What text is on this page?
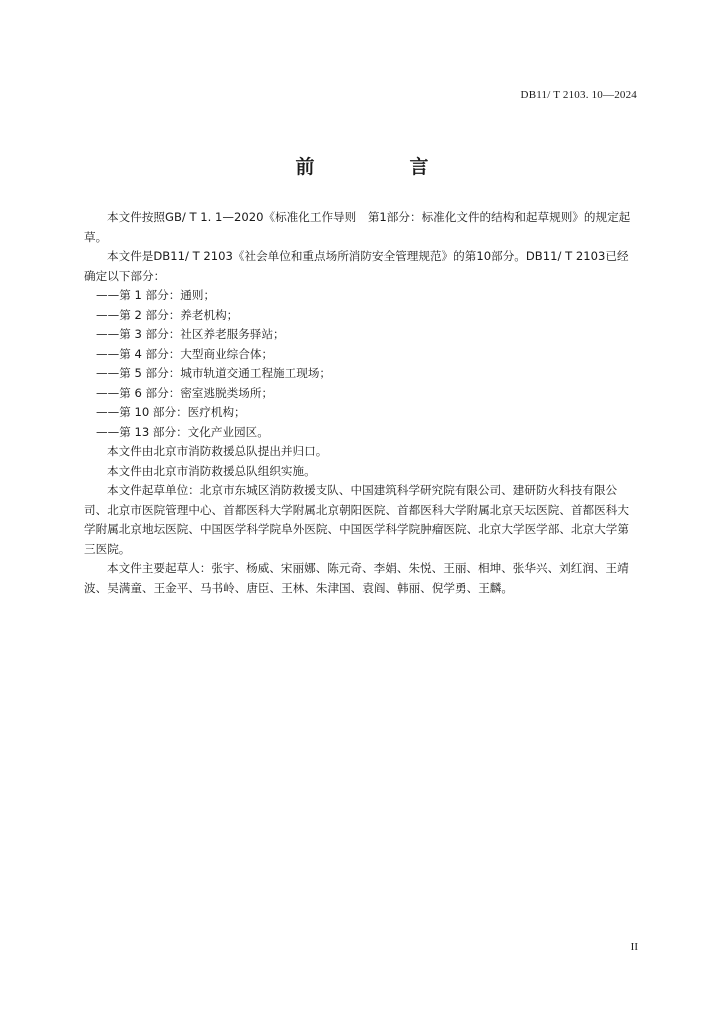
DB11/ T 2103. 10—2024
前　言

本文件按照GB/ T 1. 1—2020《标准化工作导则　第1部分：标准化文件的结构和起草规则》的规定起草。

本文件是DB11/ T 2103《社会单位和重点场所消防安全管理规范》的第10部分。DB11/ T 2103已经确定以下部分：

——第 1 部分：通则；

——第 2 部分：养老机构；

——第 3 部分：社区养老服务驿站；

——第 4 部分：大型商业综合体；

——第 5 部分：城市轨道交通工程施工现场；

——第 6 部分：密室逃脱类场所；

——第 10 部分：医疗机构；

——第 13 部分：文化产业园区。

本文件由北京市消防救援总队提出并归口。

本文件由北京市消防救援总队组织实施。

本文件起草单位：北京市东城区消防救援支队、中国建筑科学研究院有限公司、建研防火科技有限公司、北京市医院管理中心、首都医科大学附属北京朝阳医院、首都医科大学附属北京天坛医院、首都医科大学附属北京地坛医院、中国医学科学院阜外医院、中国医学科学院肿瘤医院、北京大学医学部、北京大学第三医院。

本文件主要起草人：张宇、杨威、宋丽娜、陈元奇、李娟、朱悦、王丽、相坤、张华兴、刘红润、王靖波、吴满童、王金平、马书岭、唐臣、王林、朱津国、袁阎、韩丽、倪学勇、王麟。

II
